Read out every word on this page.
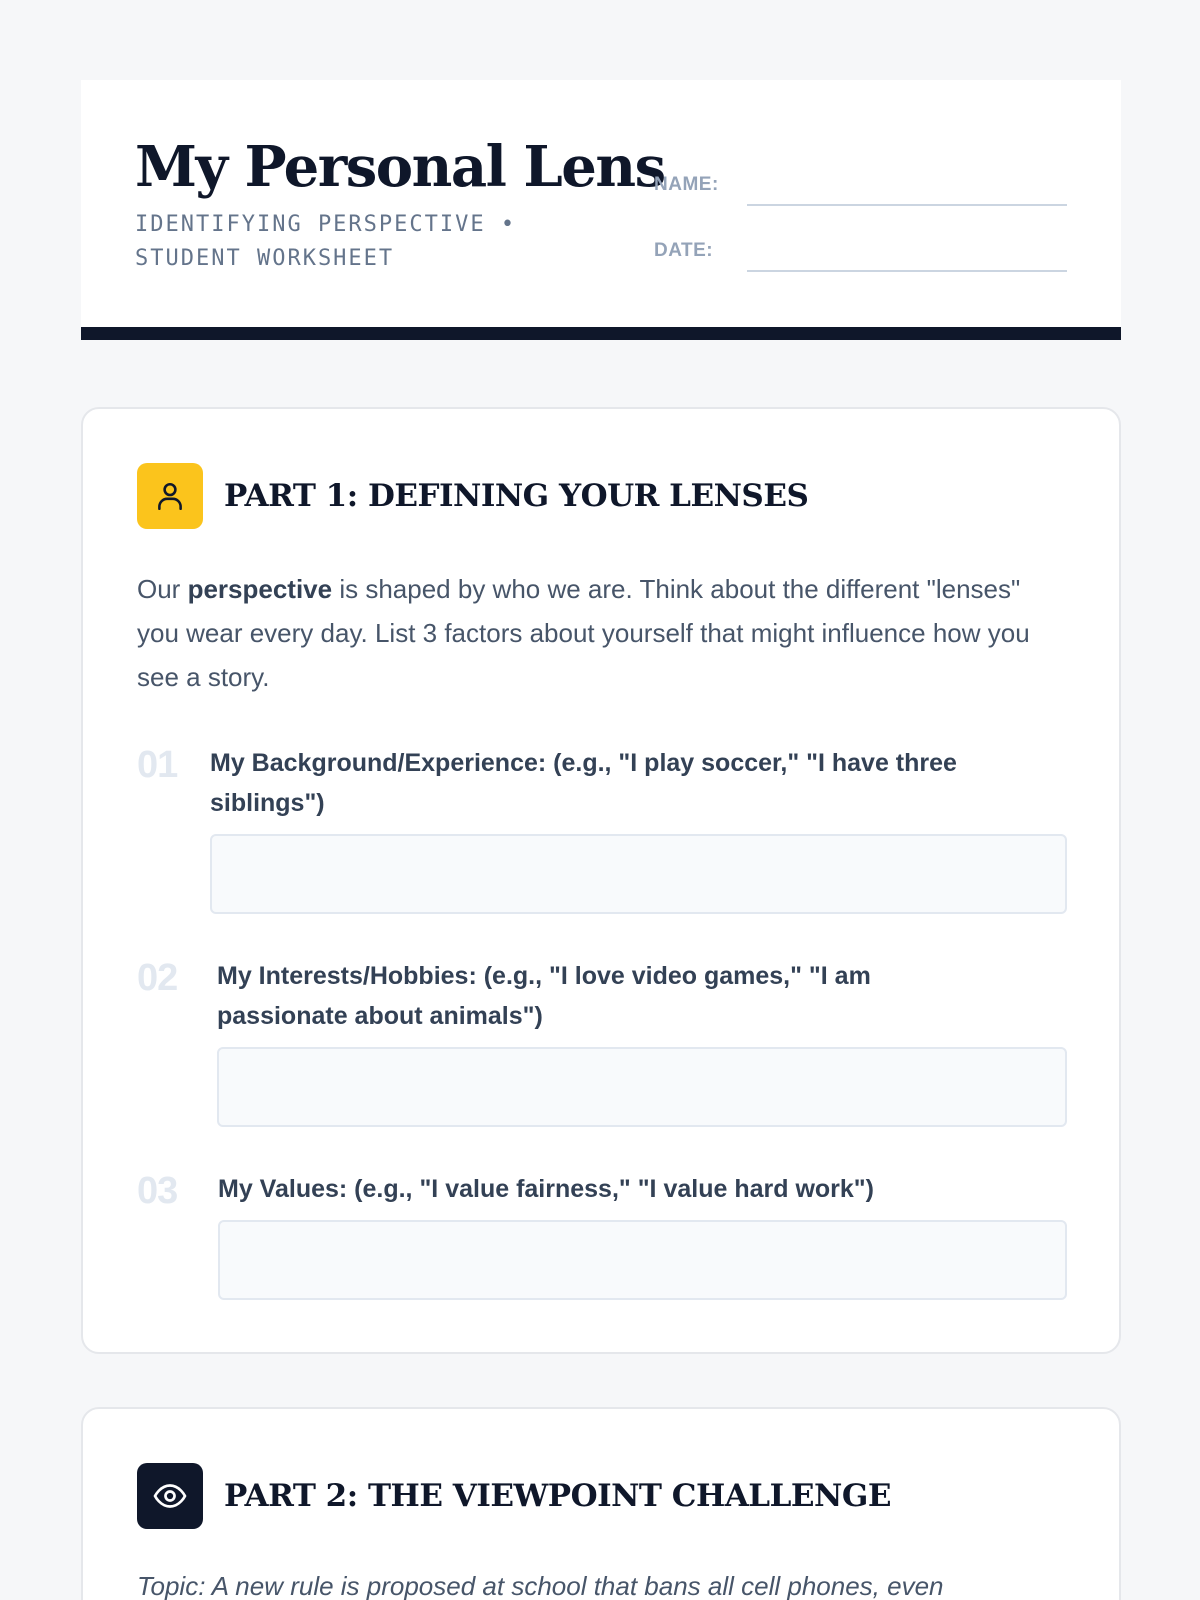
My Personal Lens
IDENTIFYING PERSPECTIVE • STUDENT WORKSHEET
NAME:
DATE:
PART 1: DEFINING YOUR LENSES

Our perspective is shaped by who we are. Think about the different "lenses" you wear every day. List 3 factors about yourself that might influence how you see a story.

01 My Background/Experience: (e.g., "I play soccer," "I have three siblings")
02 My Interests/Hobbies: (e.g., "I love video games," "I am passionate about animals")
03 My Values: (e.g., "I value fairness," "I value hard work")
PART 2: THE VIEWPOINT CHALLENGE
Topic: A new rule is proposed at school that bans all cell phones, even
